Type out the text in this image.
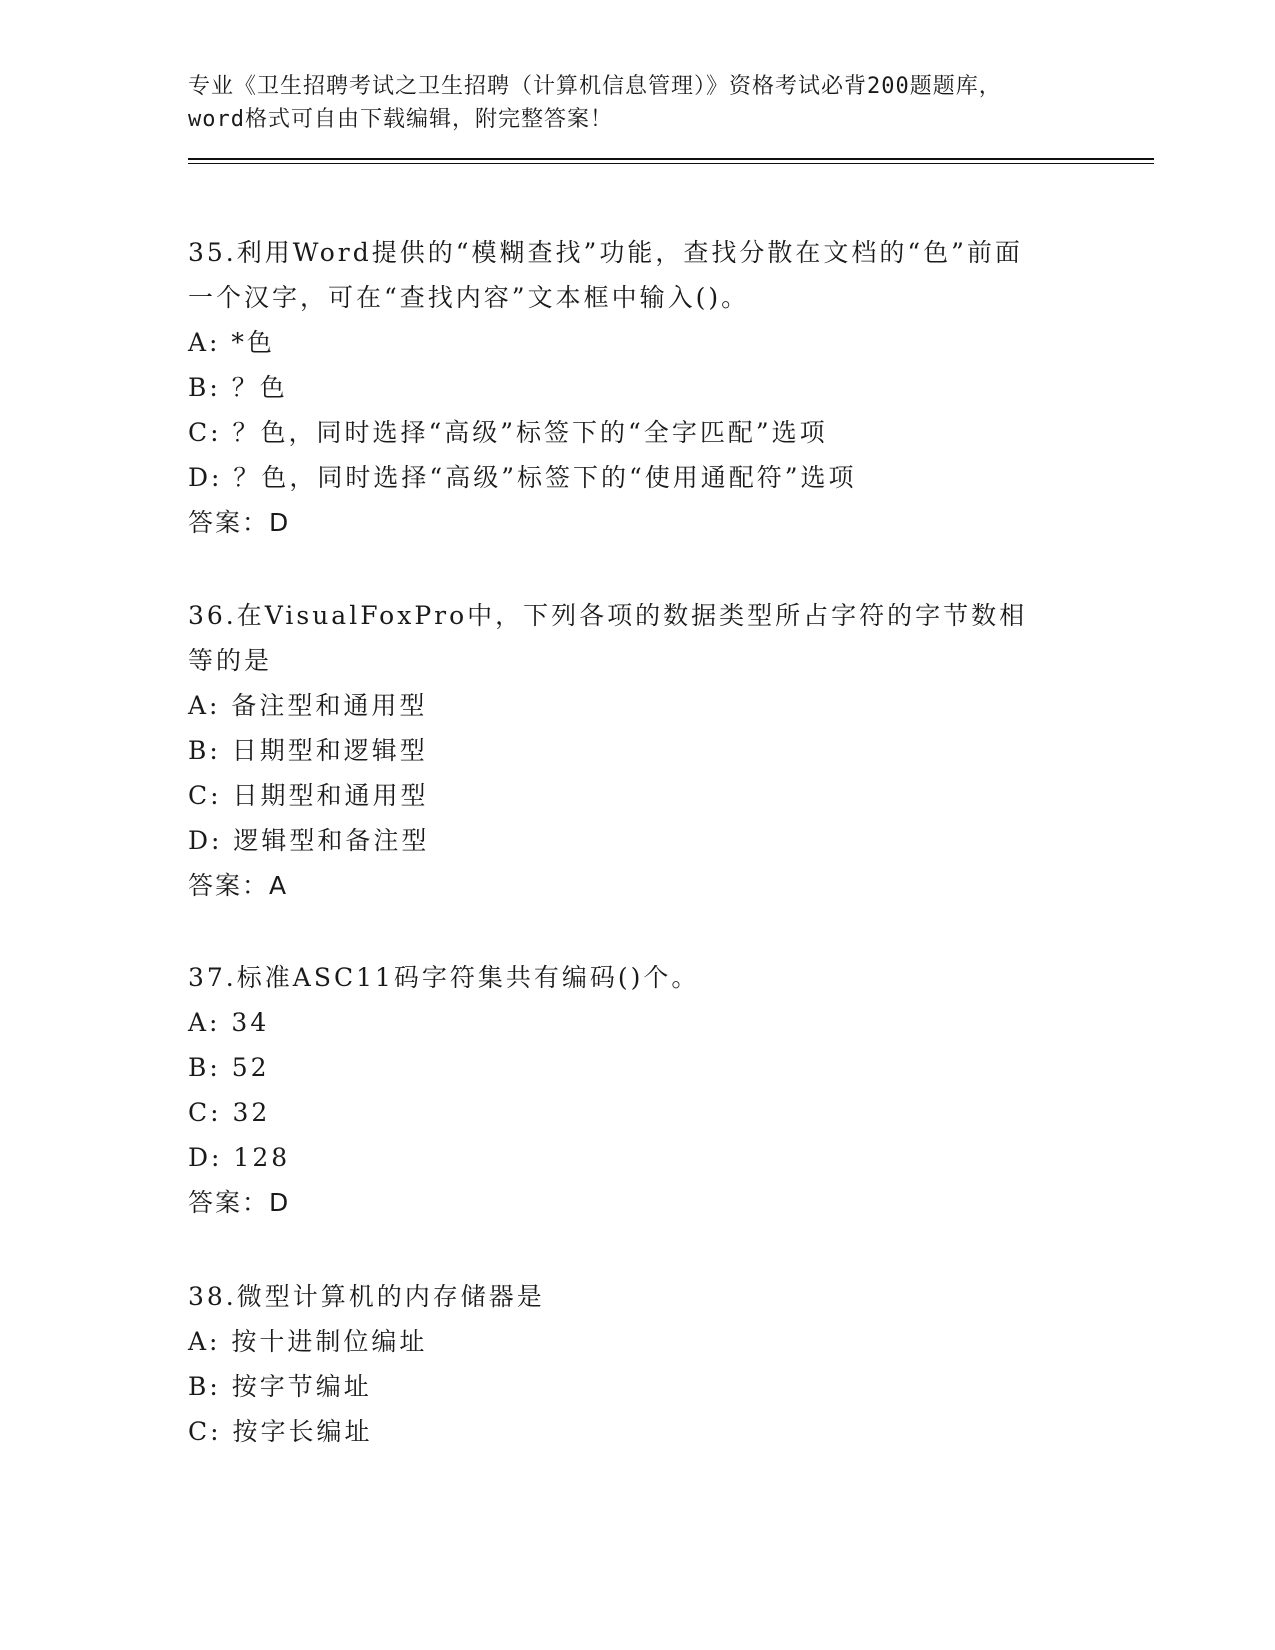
专业《卫生招聘考试之卫生招聘（计算机信息管理）》资格考试必背200题题库，
word格式可自由下载编辑，附完整答案！
35.利用Word提供的“模糊查找”功能，查找分散在文档的“色”前面一个汉字，可在“查找内容”文本框中输入()。
A: *色
B: ？色
C: ？色，同时选择“高级”标签下的“全字匹配”选项
D: ？色，同时选择“高级”标签下的“使用通配符”选项
答案：D
36.在VisualFoxPro中，下列各项的数据类型所占字符的字节数相等的是
A: 备注型和通用型
B: 日期型和逻辑型
C: 日期型和通用型
D: 逻辑型和备注型
答案：A
37.标准ASC11码字符集共有编码()个。
A: 34
B: 52
C: 32
D: 128
答案：D
38.微型计算机的内存储器是
A: 按十进制位编址
B: 按字节编址
C: 按字长编址
